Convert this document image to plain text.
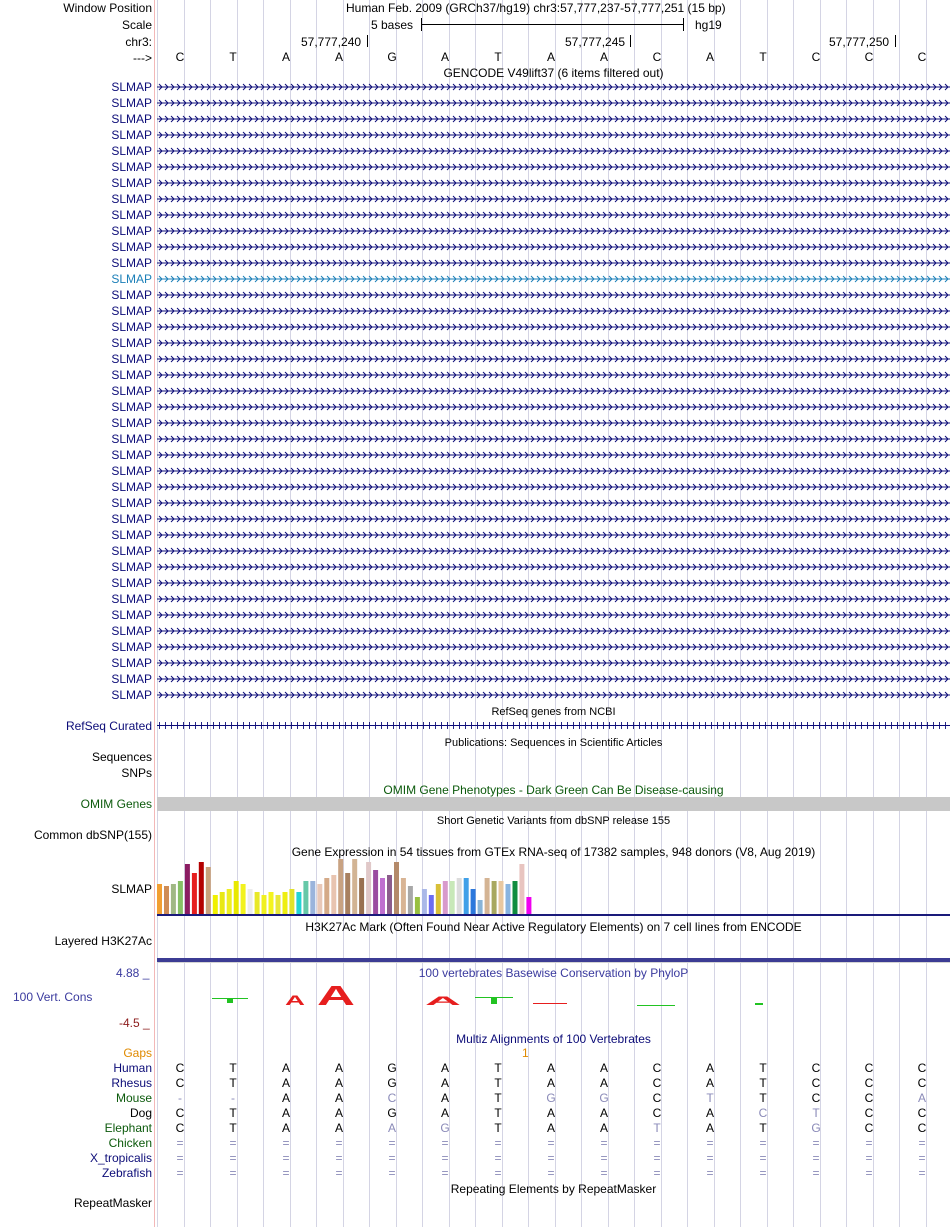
Window Position	Human Feb. 2009 (GRCh37/hg19) chr3:57,777,237-57,777,251 (15 bp)
Scale	5 bases	hg19
chr3:	57,777,240	57,777,245	57,777,250
--->	C	T	A	A	G	A	T	A	A	C	A	T	C	C	C
GENCODE V49lift37 (6 items filtered out)
SLMAP
SLMAP
SLMAP
SLMAP
SLMAP
SLMAP
SLMAP
SLMAP
SLMAP
SLMAP
SLMAP
SLMAP
SLMAP
SLMAP
SLMAP
SLMAP
SLMAP
SLMAP
SLMAP
SLMAP
SLMAP
SLMAP
SLMAP
SLMAP
SLMAP
SLMAP
SLMAP
SLMAP
SLMAP
SLMAP
SLMAP
SLMAP
SLMAP
SLMAP
SLMAP
SLMAP
SLMAP
SLMAP
SLMAP
RefSeq genes from NCBI
RefSeq Curated
Publications: Sequences in Scientific Articles
Sequences
SNPs
OMIM Gene Phenotypes - Dark Green Can Be Disease-causing
OMIM Genes
Short Genetic Variants from dbSNP release 155
Common dbSNP(155)
Gene Expression in 54 tissues from GTEx RNA-seq of 17382 samples, 948 donors (V8, Aug 2019)
SLMAP
H3K27Ac Mark (Often Found Near Active Regulatory Elements) on 7 cell lines from ENCODE
Layered H3K27Ac
100 vertebrates Basewise Conservation by PhyloP
4.88 _
100 Vert. Cons
-4.5 _
A A	A
Multiz Alignments of 100 Vertebrates
Gaps	1
Human	C	T	A	A	G	A	T	A	A	C	A	T	C	C	C
Rhesus	C	T	A	A	G	A	T	A	A	C	A	T	C	C	C
Mouse	-	-	A	A	C	A	T	G	G	C	T	T	C	C	A
Dog	C	T	A	A	G	A	T	A	A	C	A	C	T	C	C
Elephant	C	T	A	A	A	G	T	A	A	T	A	T	G	C	C
Chicken	=	=	=	=	=	=	=	=	=	=	=	=	=	=	=
X_tropicalis	=	=	=	=	=	=	=	=	=	=	=	=	=	=	=
Zebrafish	=	=	=	=	=	=	=	=	=	=	=	=	=	=	=
Repeating Elements by RepeatMasker
RepeatMasker
